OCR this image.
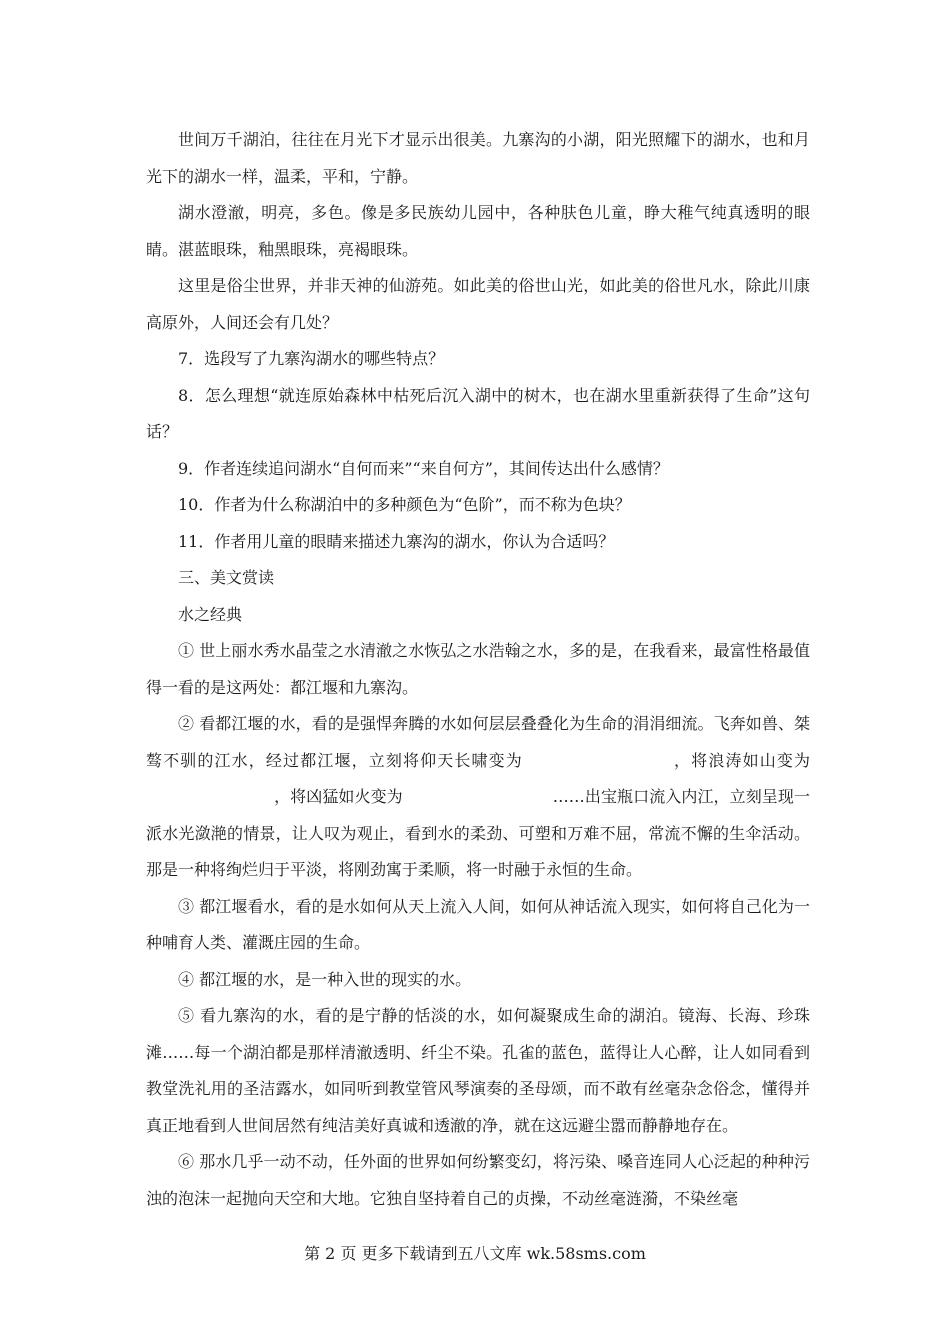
世间万千湖泊，往往在月光下才显示出很美。九寨沟的小湖，阳光照耀下的湖水，也和月光下的湖水一样，温柔，平和，宁静。

湖水澄澈，明亮，多色。像是多民族幼儿园中，各种肤色儿童，睁大稚气纯真透明的眼睛。湛蓝眼珠，釉黑眼珠，亮褐眼珠。

这里是俗尘世界，并非天神的仙游苑。如此美的俗世山光，如此美的俗世凡水，除此川康高原外，人间还会有几处？

7．选段写了九寨沟湖水的哪些特点？

8．怎么理想“就连原始森林中枯死后沉入湖中的树木，也在湖水里重新获得了生命”这句话？

9．作者连续追问湖水“自何而来”“来自何方”，其间传达出什么感情？

10．作者为什么称湖泊中的多种颜色为“色阶”，而不称为色块？

11．作者用儿童的眼睛来描述九寨沟的湖水，你认为合适吗？

三、美文赏读

水之经典

① 世上丽水秀水晶莹之水清澈之水恢弘之水浩翰之水，多的是，在我看来，最富性格最值得一看的是这两处：都江堰和九寨沟。

② 看都江堰的水，看的是强悍奔腾的水如何层层叠叠化为生命的涓涓细流。飞奔如兽、桀骜不驯的江水，经过都江堰，立刻将仰天长啸变为	，将浪涛如山变为，将凶猛如火变为	……出宝瓶口流入内江，立刻呈现一派水光潋滟的情景，让人叹为观止，看到水的柔劲、可塑和万难不屈，常流不懈的生伞活动。那是一种将绚烂归于平淡，将刚劲寓于柔顺，将一时融于永恒的生命。

③ 都江堰看水，看的是水如何从天上流入人间，如何从神话流入现实，如何将自己化为一种哺育人类、灌溉庄园的生命。

④ 都江堰的水，是一种入世的现实的水。

⑤ 看九寨沟的水，看的是宁静的恬淡的水，如何凝聚成生命的湖泊。镜海、长海、珍珠滩……每一个湖泊都是那样清澈透明、纤尘不染。孔雀的蓝色，蓝得让人心醉，让人如同看到教堂洗礼用的圣洁露水，如同听到教堂管风琴演奏的圣母颂，而不敢有丝毫杂念俗念，懂得并真正地看到人世间居然有纯洁美好真诚和透澈的净，就在这远避尘嚣而静静地存在。

⑥ 那水几乎一动不动，任外面的世界如何纷繁变幻，将污染、嗓音连同人心泛起的种种污浊的泡沫一起抛向天空和大地。它独自坚持着自己的贞操，不动丝毫涟漪，不染丝毫

第 2 页 更多下载请到五八文库 wk.58sms.com
